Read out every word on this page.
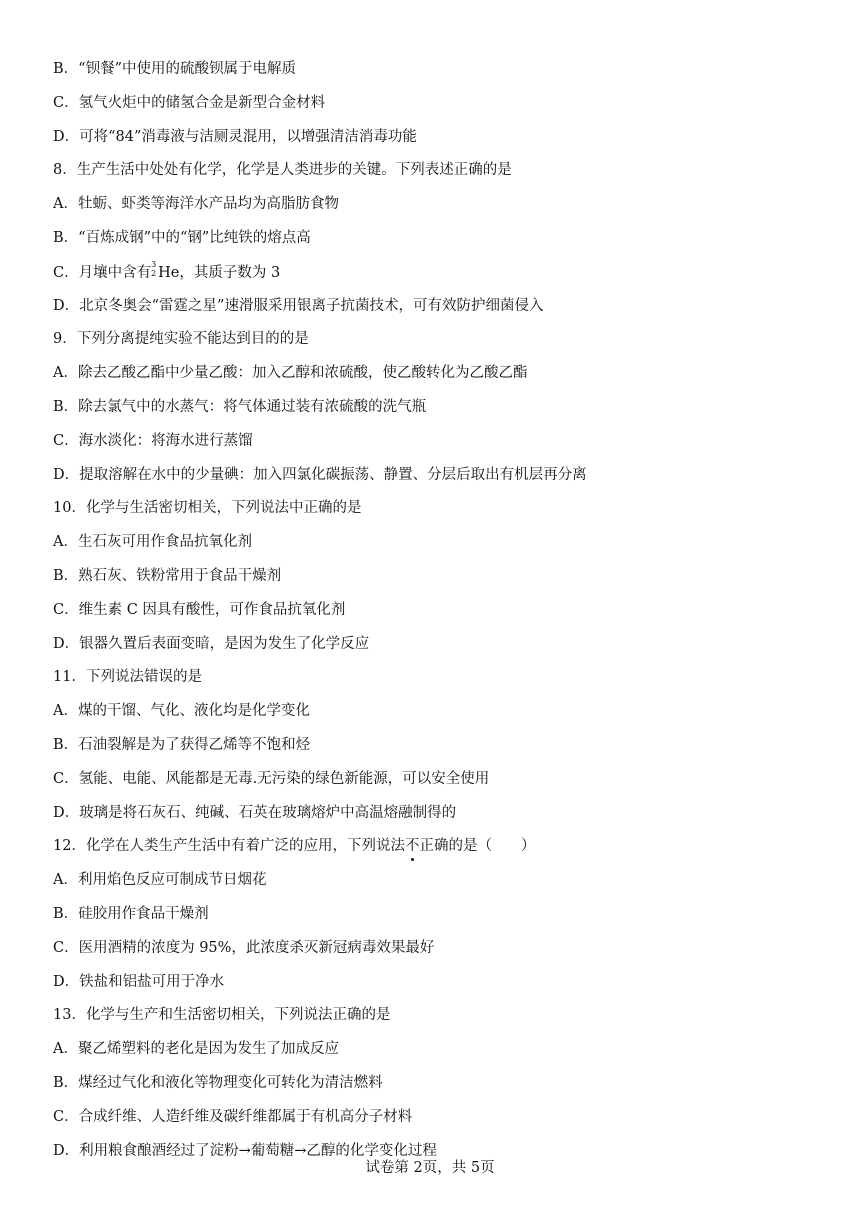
B．“钡餐”中使用的硫酸钡属于电解质
C．氢气火炬中的储氢合金是新型合金材料
D．可将“84”消毒液与洁厕灵混用，以增强清洁消毒功能
8．生产生活中处处有化学，化学是人类进步的关键。下列表述正确的是
A．牡蛎、虾类等海洋水产品均为高脂肪食物
B．“百炼成钢”中的“钢”比纯铁的熔点高
C．月壤中含有
3
2 He，其质子数为 3
D．北京冬奥会“雷霆之星”速滑服采用银离子抗菌技术，可有效防护细菌侵入
9．下列分离提纯实验不能达到目的的是
A．除去乙酸乙酯中少量乙酸：加入乙醇和浓硫酸，使乙酸转化为乙酸乙酯
B．除去氯气中的水蒸气：将气体通过装有浓硫酸的洗气瓶
C．海水淡化：将海水进行蒸馏
D．提取溶解在水中的少量碘：加入四氯化碳振荡、静置、分层后取出有机层再分离
10．化学与生活密切相关，下列说法中正确的是
A．生石灰可用作食品抗氧化剂
B．熟石灰、铁粉常用于食品干燥剂
C．维生素 C 因具有酸性，可作食品抗氧化剂
D．银器久置后表面变暗，是因为发生了化学反应
11．下列说法错误的是
A．煤的干馏、气化、液化均是化学变化
B．石油裂解是为了获得乙烯等不饱和烃
C．氢能、电能、风能都是无毒.无污染的绿色新能源，可以安全使用
D．玻璃是将石灰石、纯碱、石英在玻璃熔炉中高温熔融制得的
12．化学在人类生产生活中有着广泛的应用，下列说法不正确的是（　　）
A．利用焰色反应可制成节日烟花
B．硅胶用作食品干燥剂
C．医用酒精的浓度为 95%，此浓度杀灭新冠病毒效果最好
D．铁盐和铝盐可用于净水
13．化学与生产和生活密切相关，下列说法正确的是
A．聚乙烯塑料的老化是因为发生了加成反应
B．煤经过气化和液化等物理变化可转化为清洁燃料
C．合成纤维、人造纤维及碳纤维都属于有机高分子材料
D．利用粮食酿酒经过了淀粉→葡萄糖→乙醇的化学变化过程
试卷第 2页，共 5页
